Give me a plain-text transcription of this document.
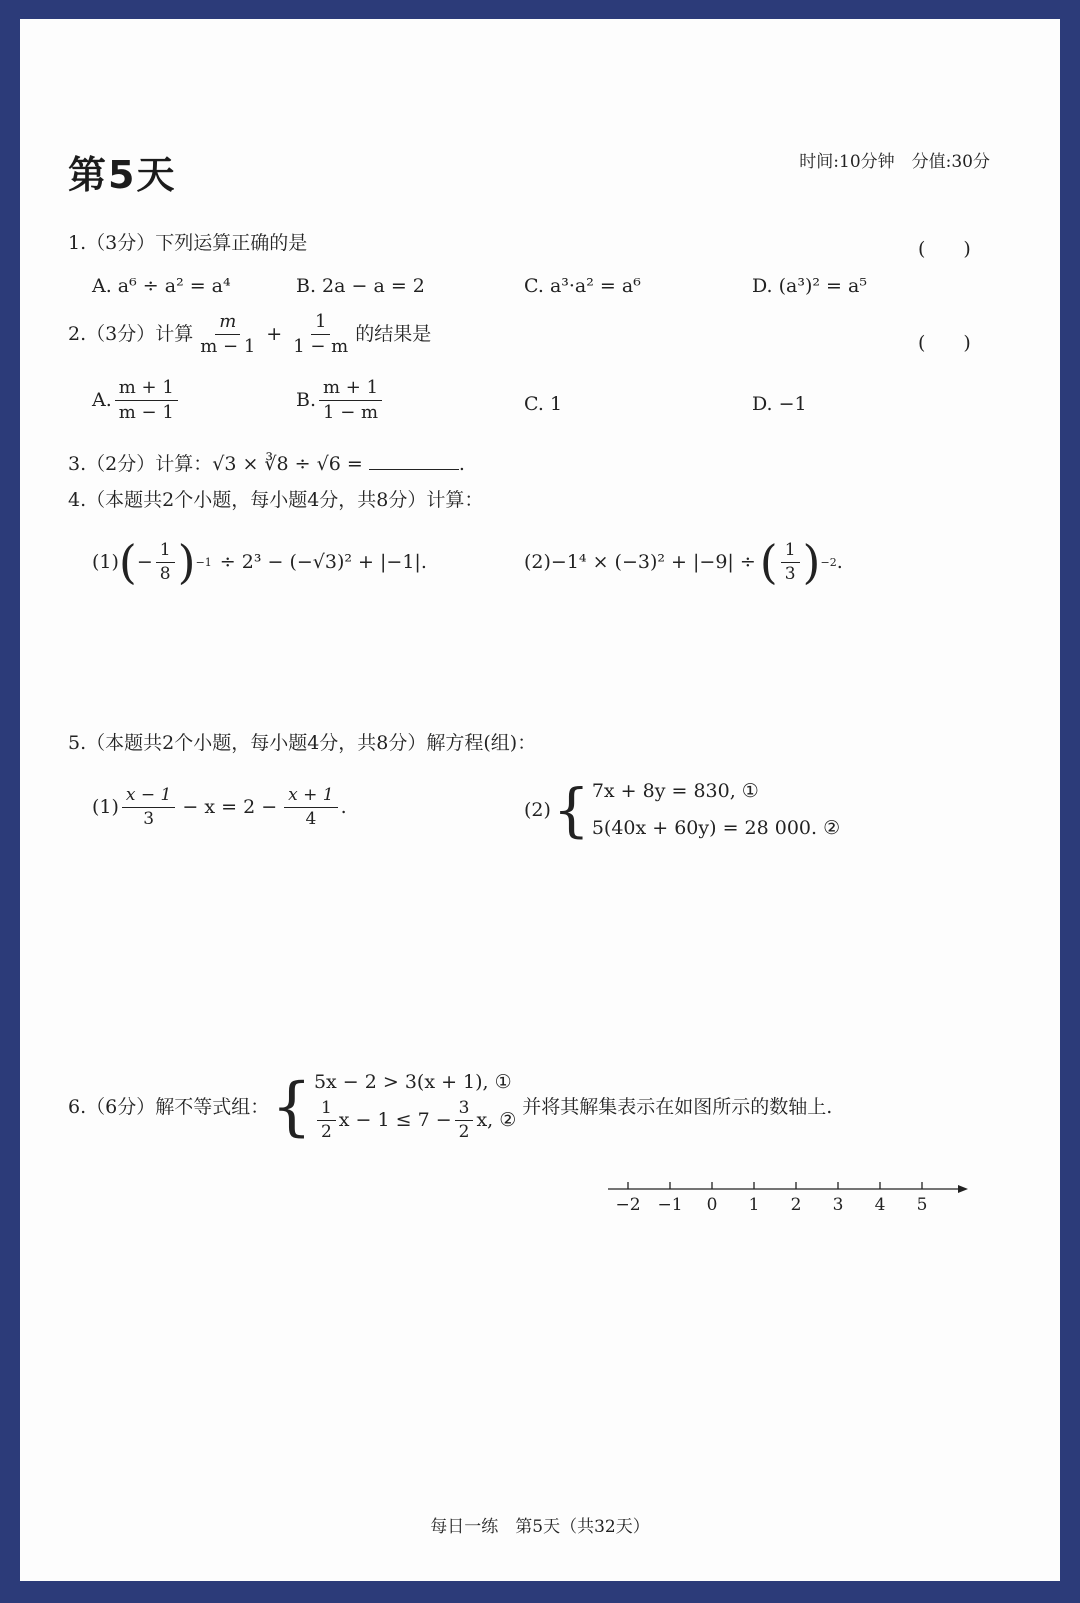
第5天	时间:10分钟　分值:30分
1.（3分）下列运算正确的是	(　　)
A. a⁶ ÷ a² = a⁴	B. 2a − a = 2	C. a³·a² = a⁶	D. (a³)² = a⁵
2.（3分）计算 $\frac{m}{m - 1} + \frac{1}{1 - m}$ 的结果是	(　　)
A. $\frac{m + 1}{m - 1}$	B. $\frac{m + 1}{1 - m}$	C. 1	D. −1
3.（2分）计算：√3 × ∛8 ÷ √6 =	.
4.（本题共2个小题，每小题4分，共8分）计算：
(1) ( − $\frac{1}{8}$ ) −1 ÷ 2³ − (−√3)² + |−1|.	(2) −1⁴ × (−3)² + |−9| ÷ ( $\frac{1}{3}$ ) −2 .
5.（本题共2个小题，每小题4分，共8分）解方程(组)：
$(1) \frac{x - 1}{3} - x = 2 - \frac{x + 1}{4}$ .	(2) { 7x + 8y = 830, ①
5(40x + 60y) = 28 000. ②
6.（6分）解不等式组： { 5x − 2 > 3(x + 1), ①
$\frac{1}{2}$ $x - 1 \le 7 - \frac{3}{2} x$, ②
并将其解集表示在如图所示的数轴上.
−2 −1 0 1 2 3 4 5
每日一练　第5天（共32天）
